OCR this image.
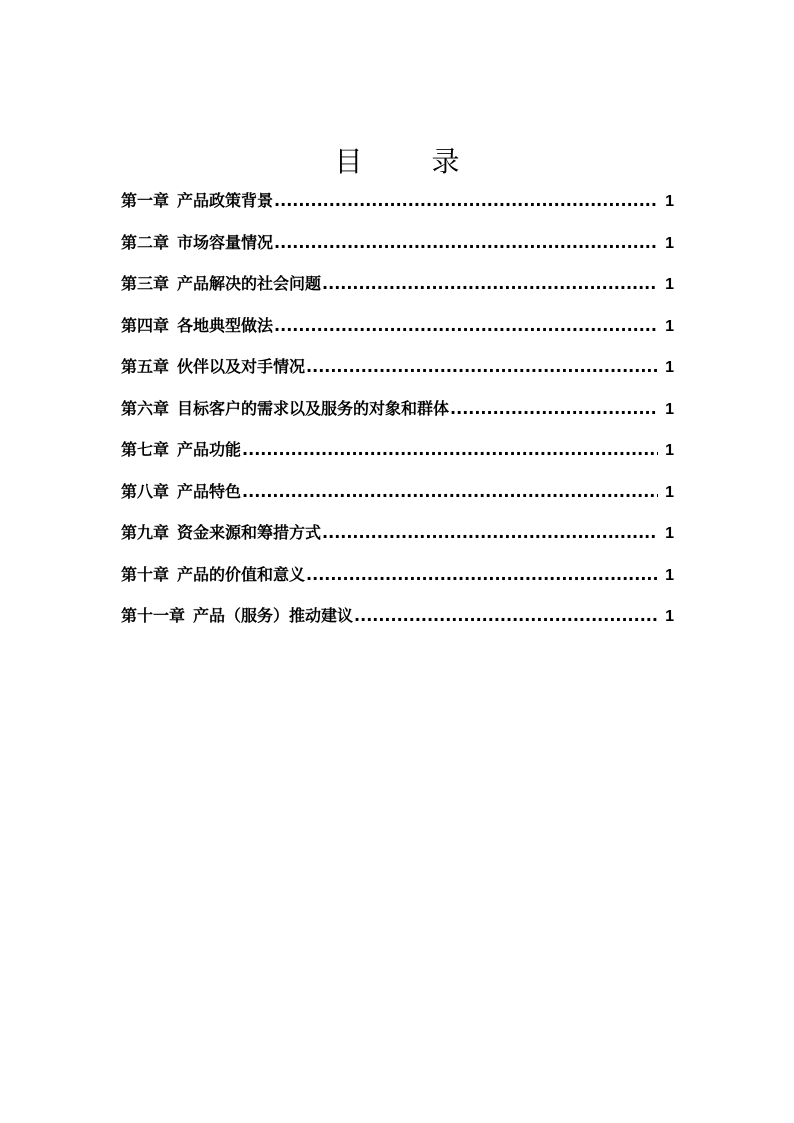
目 录
第一章 产品政策背景 .....	1
第二章 市场容量情况 .....	1
第三章 产品解决的社会问题 .....	1
第四章 各地典型做法 .....	1
第五章 伙伴以及对手情况 .....	1
第六章 目标客户的需求以及服务的对象和群体 .....	1
第七章 产品功能 .....	1
第八章 产品特色 .....	1
第九章 资金来源和筹措方式 .....	1
第十章 产品的价值和意义 .....	1
第十一章 产品（服务）推动建议 .....	1
